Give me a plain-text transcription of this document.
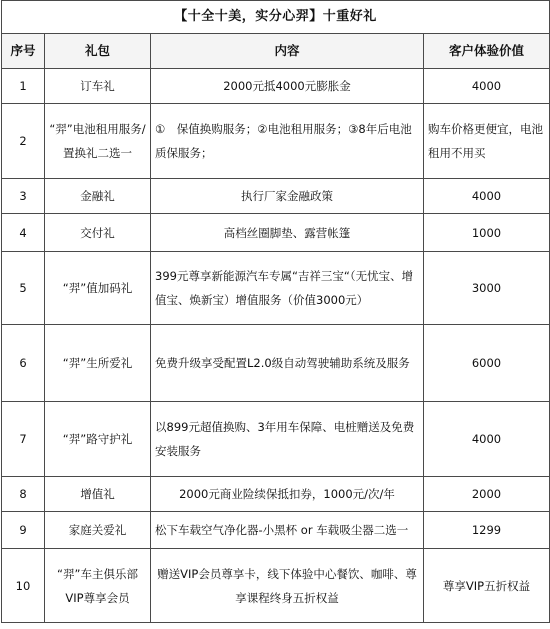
【十全十美，实分心羿】十重好礼			
序号	礼包	内容	客户体验价值
1	订车礼	2000元抵4000元膨胀金	4000
2	“羿”电池租用服务/置换礼二选一	①　保值换购服务；②电池租用服务；③8年后电池质保服务；	购车价格更便宜，电池租用不用买
3	金融礼	执行厂家金融政策	4000
4	交付礼	高档丝圈脚垫、露营帐篷	1000
5	“羿”值加码礼	399元尊享新能源汽车专属“吉祥三宝“（无忧宝、增值宝、焕新宝）增值服务（价值3000元）	3000
6	“羿”生所爱礼	免费升级享受配置L2.0级自动驾驶辅助系统及服务	6000
7	“羿”路守护礼	以899元超值换购、3年用车保障、电桩赠送及免费安装服务	4000
8	增值礼	2000元商业险续保抵扣券，1000元/次/年	2000
9	家庭关爱礼	松下车载空气净化器-小黑杯 or 车载吸尘器二选一	1299
10	“羿”车主俱乐部VIP尊享会员	赠送VIP会员尊享卡，线下体验中心餐饮、咖啡、尊享课程终身五折权益	尊享VIP五折权益
